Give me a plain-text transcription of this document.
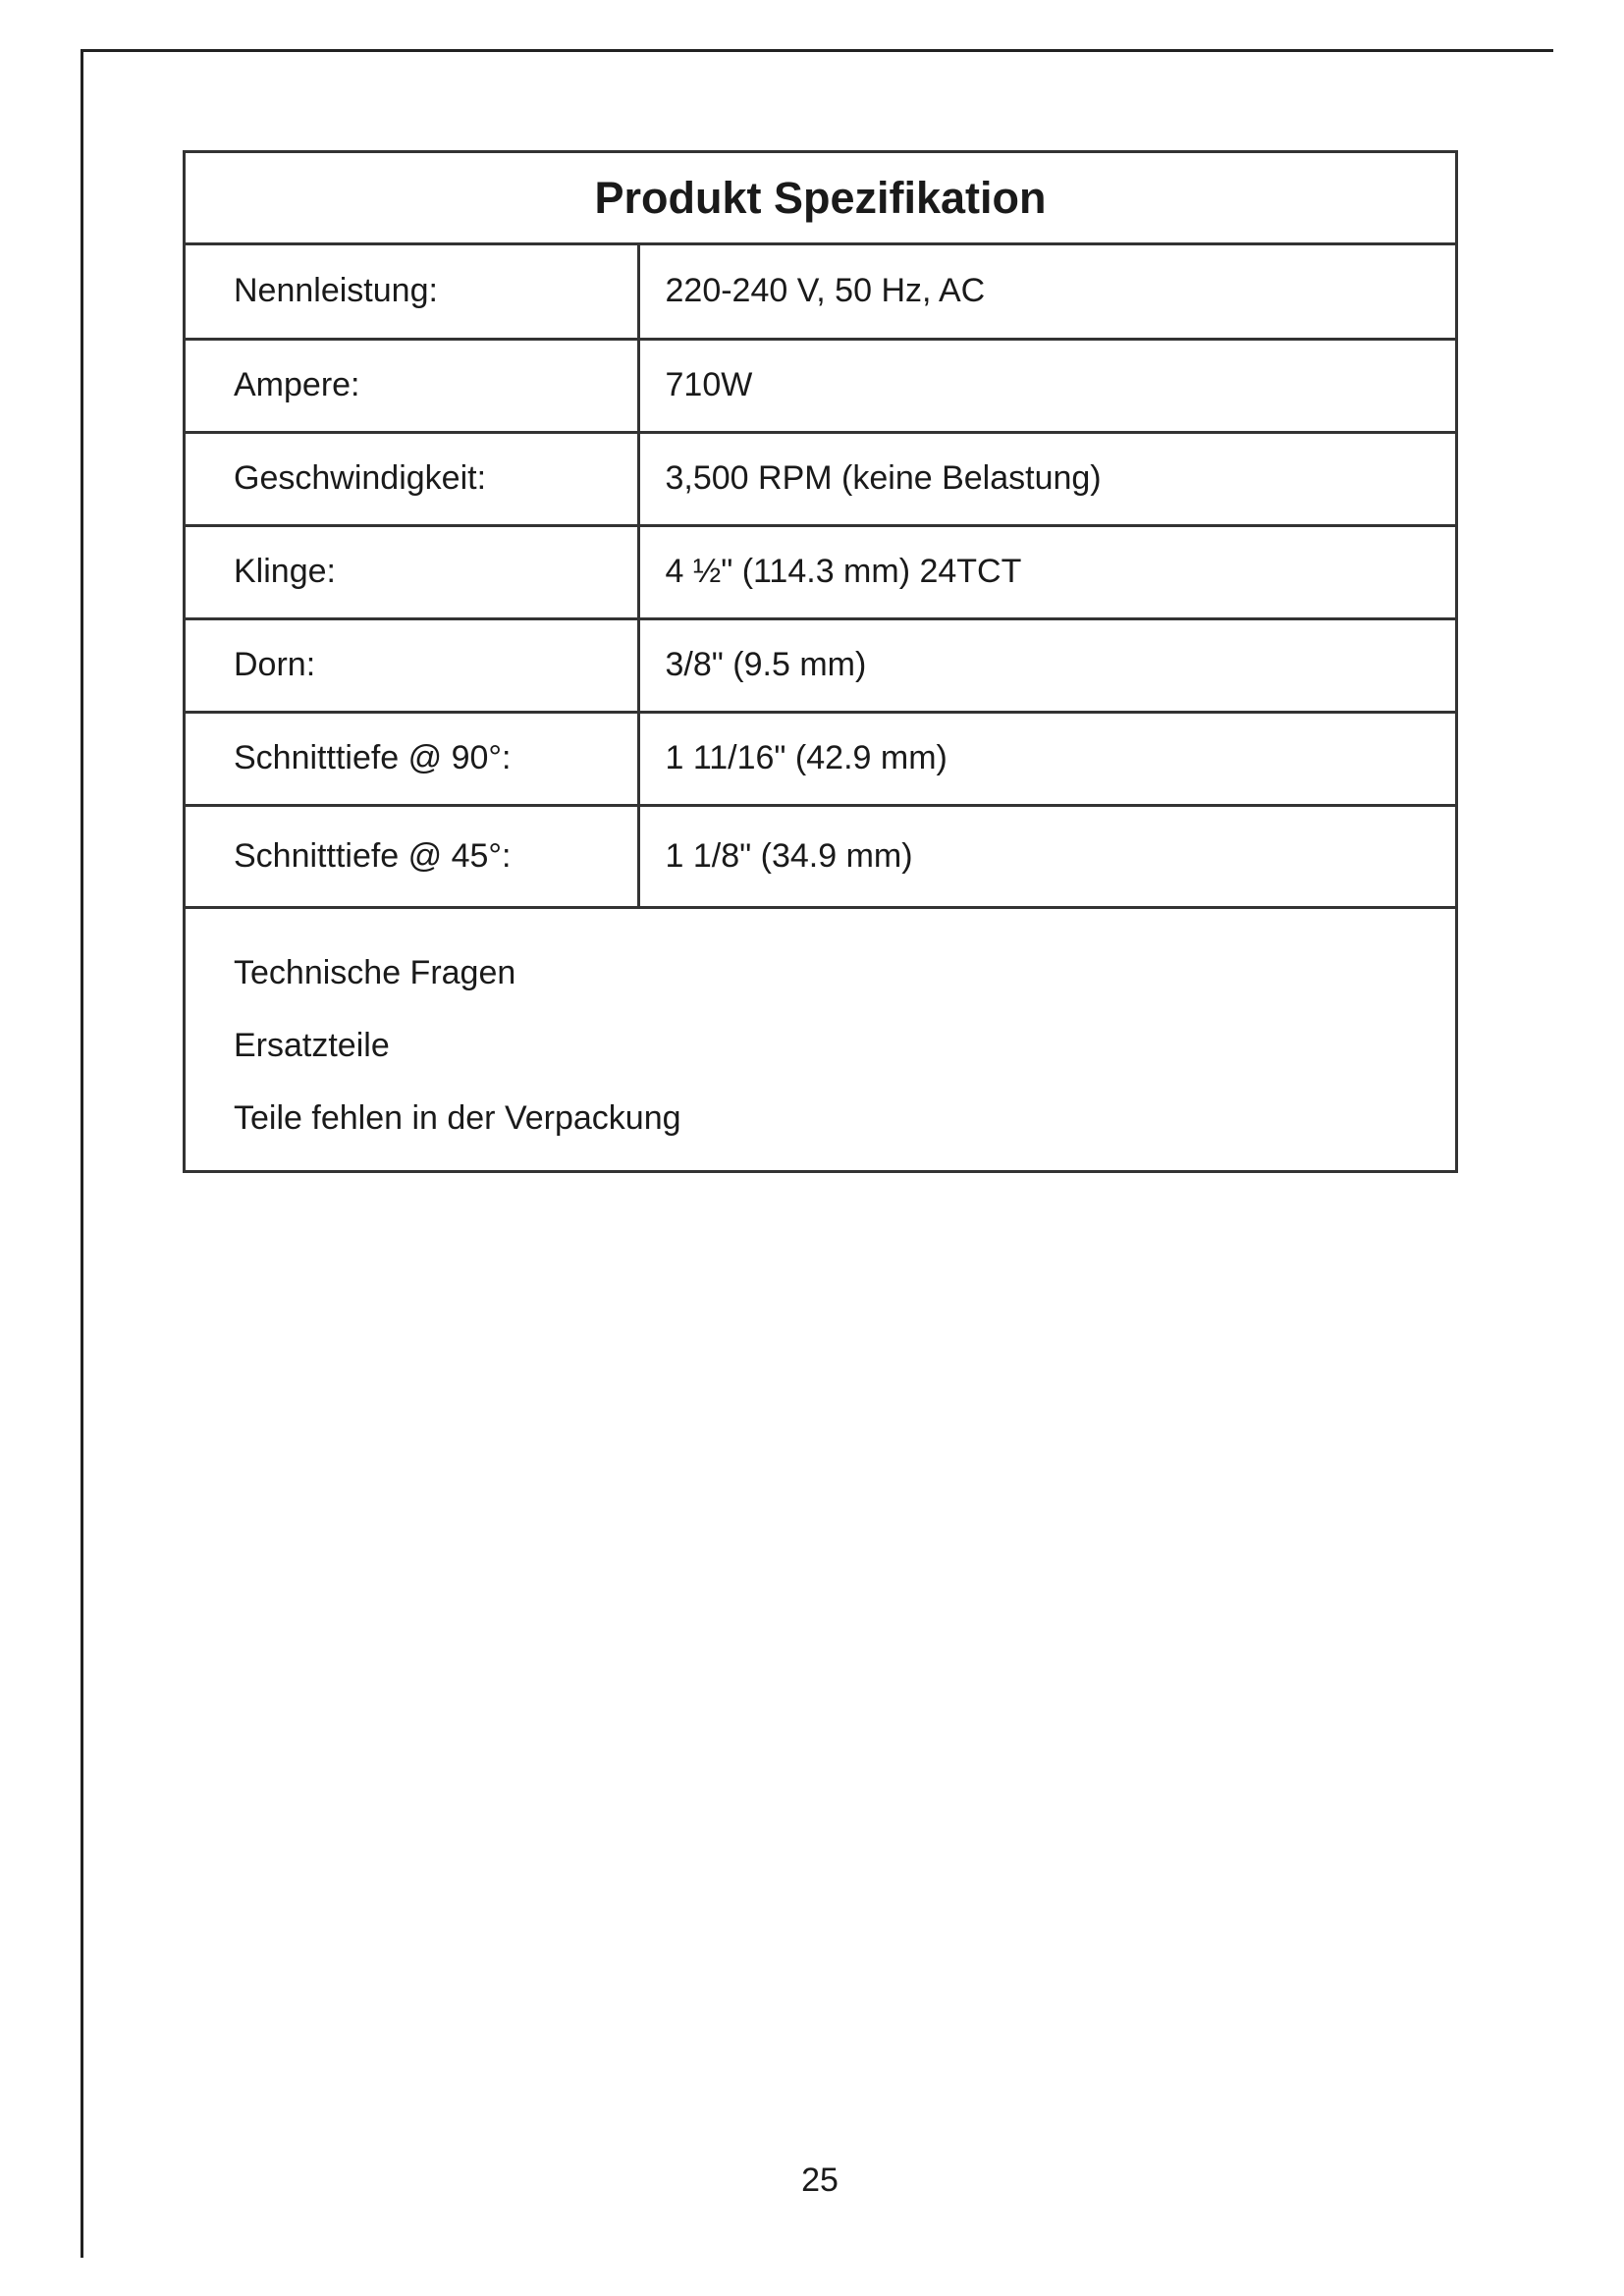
Produkt Spezifikation
Nennleistung:	220-240 V, 50 Hz, AC
Ampere:	710W
Geschwindigkeit:	3,500 RPM (keine Belastung)
Klinge:	4 ½" (114.3 mm) 24TCT
Dorn:	3/8" (9.5 mm)
Schnitttiefe @ 90°:	1 11/16" (42.9 mm)
Schnitttiefe @ 45°:	1 1/8" (34.9 mm)
Technische Fragen
Ersatzteile
Teile fehlen in der Verpackung
25
